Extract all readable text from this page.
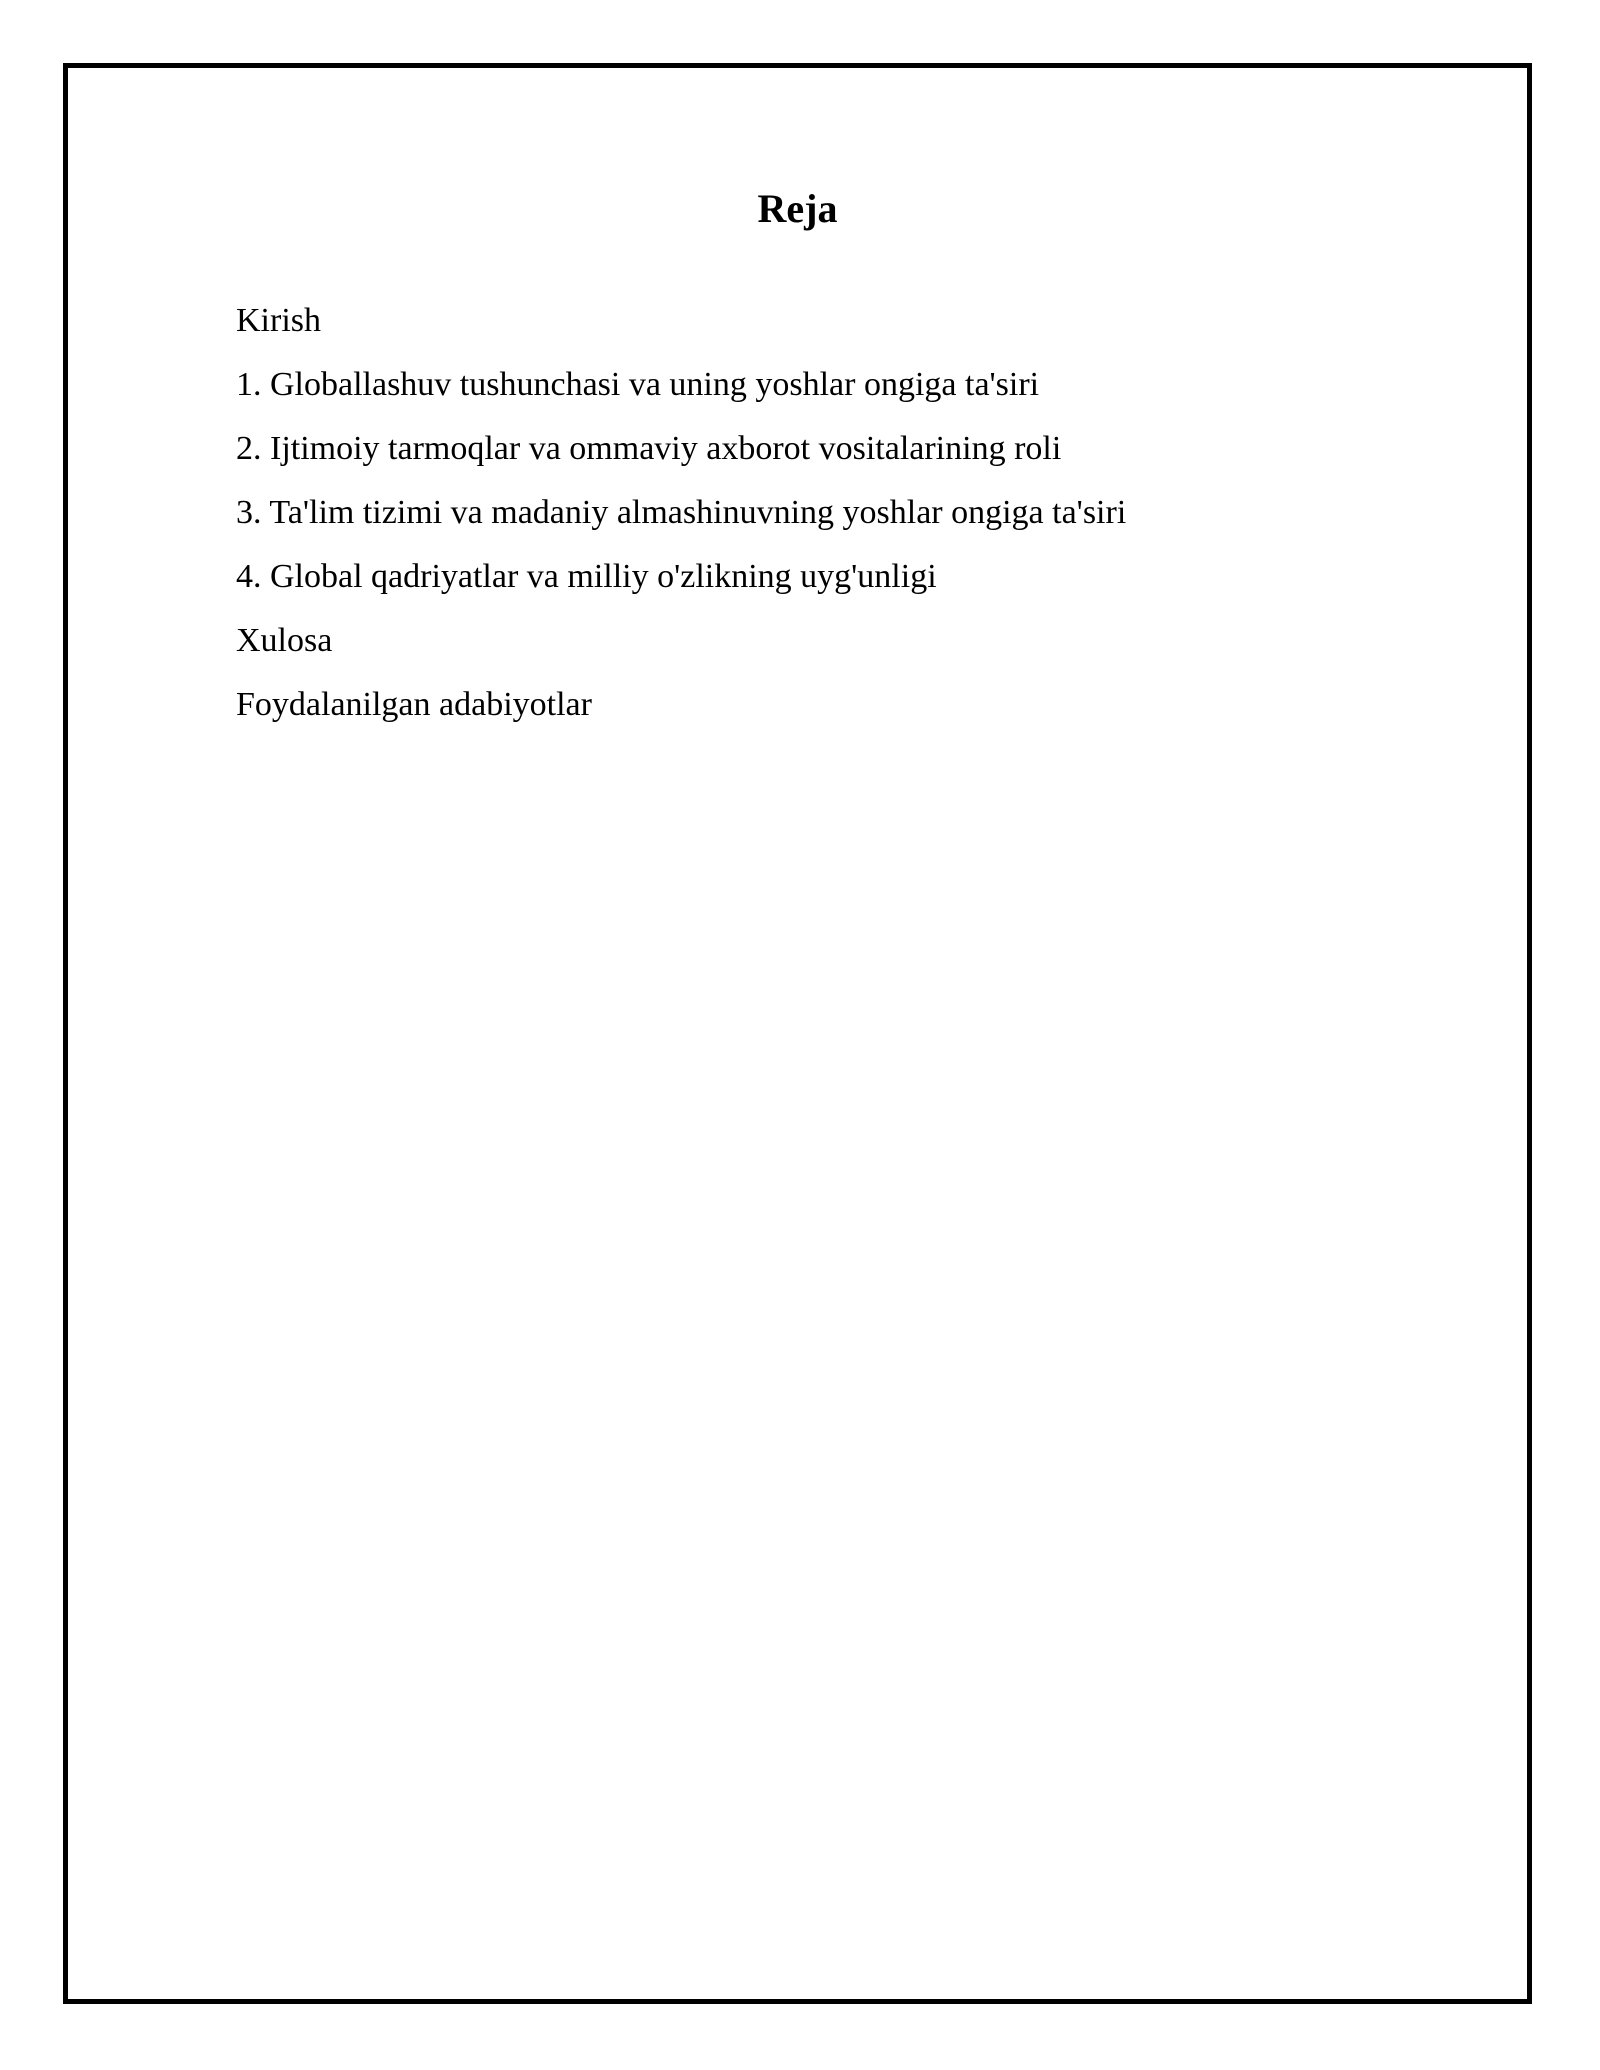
Reja
Kirish
1. Globallashuv tushunchasi va uning yoshlar ongiga ta'siri
2. Ijtimoiy tarmoqlar va ommaviy axborot vositalarining roli
3. Ta'lim tizimi va madaniy almashinuvning yoshlar ongiga ta'siri
4. Global qadriyatlar va milliy o'zlikning uyg'unligi
Xulosa
Foydalanilgan adabiyotlar
